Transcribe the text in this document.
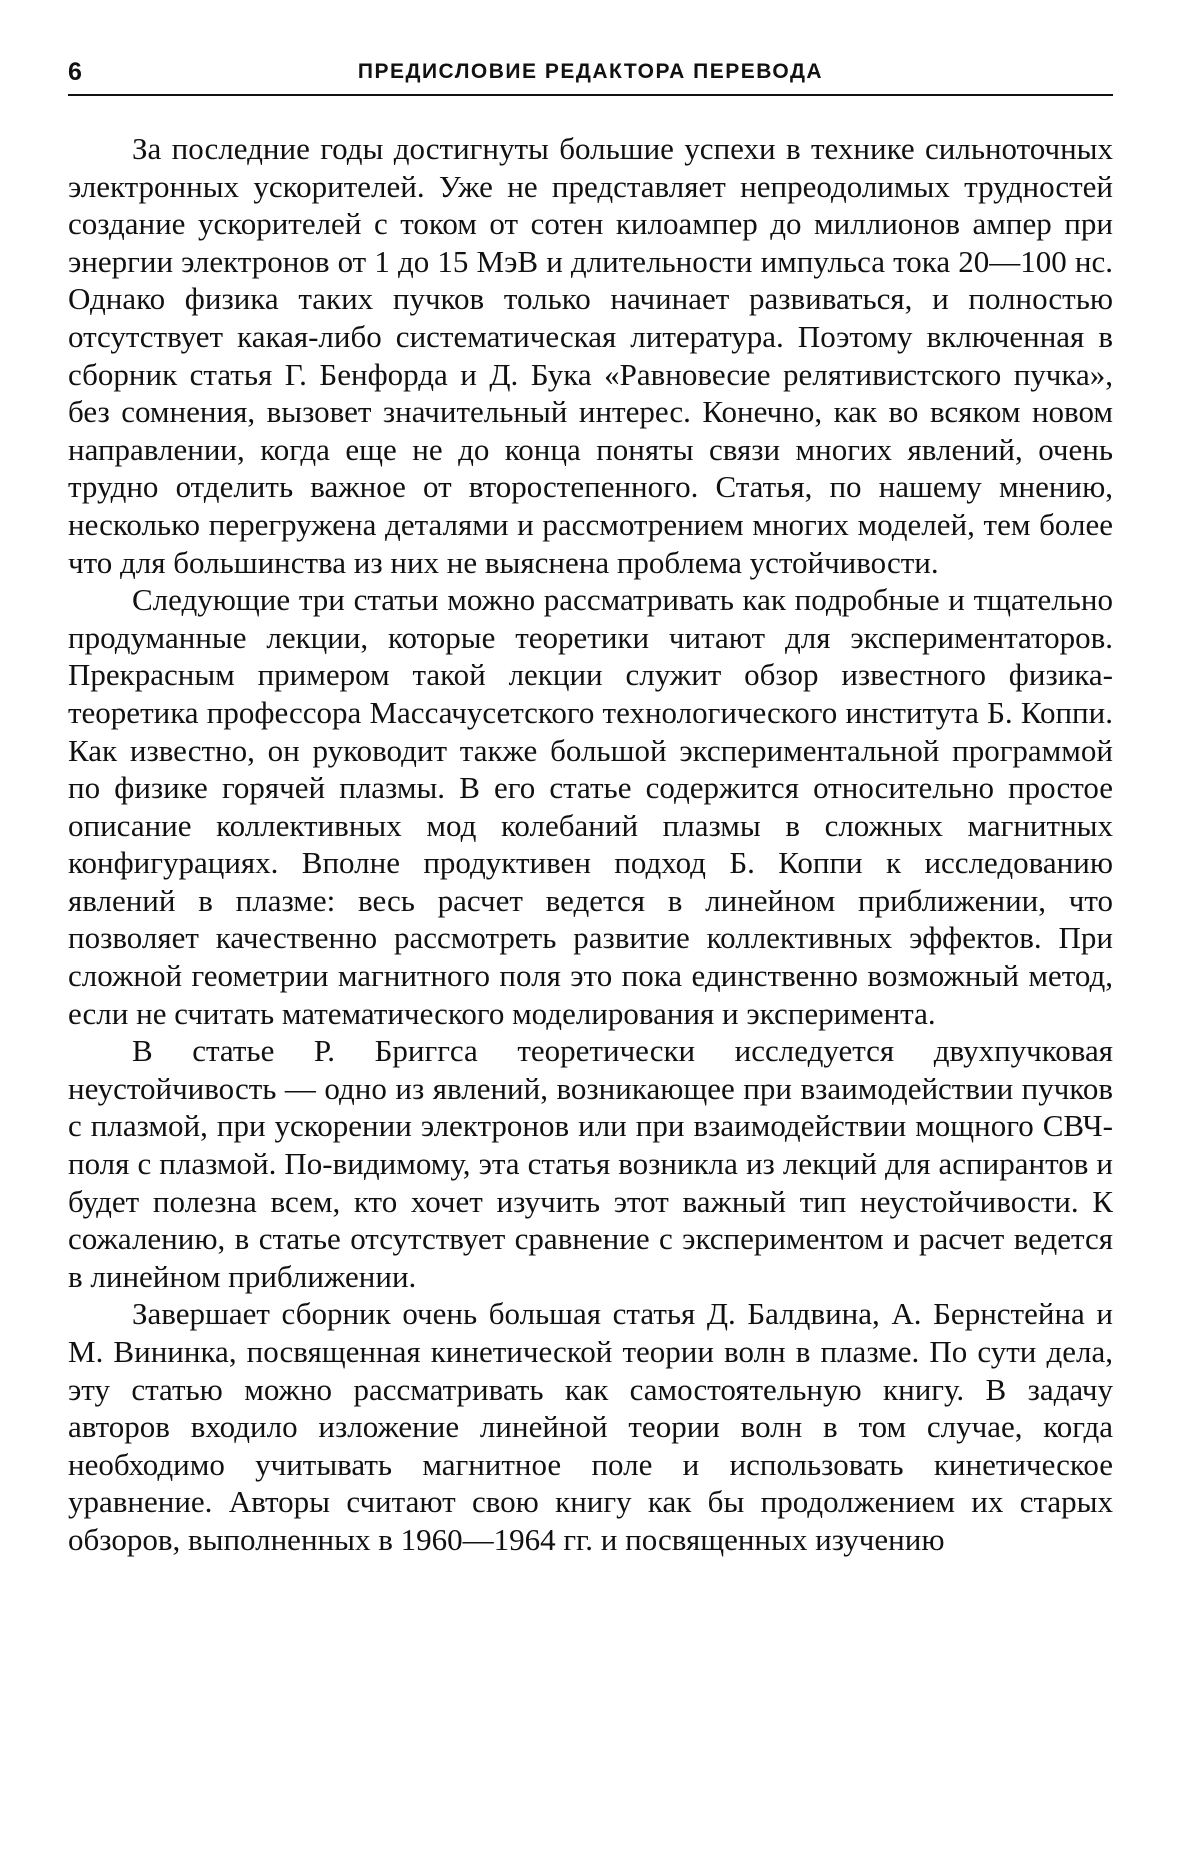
6	ПРЕДИСЛОВИЕ РЕДАКТОРА ПЕРЕВОДА

За последние годы достигнуты большие успехи в технике сильноточных электронных ускорителей. Уже не представляет непреодолимых трудностей создание ускорителей с током от сотен килоампер до миллионов ампер при энергии электронов от 1 до 15 МэВ и длительности импульса тока 20—100 нс. Однако физика таких пучков только начинает развиваться, и полностью отсутствует какая-либо систематическая литература. Поэтому включенная в сборник статья Г. Бенфорда и Д. Бука «Равновесие релятивистского пучка», без сомнения, вызовет значительный интерес. Конечно, как во всяком новом направлении, когда еще не до конца поняты связи многих явлений, очень трудно отделить важное от второстепенного. Статья, по нашему мнению, несколько перегружена деталями и рассмотрением многих моделей, тем более что для большинства из них не выяснена проблема устойчивости.

Следующие три статьи можно рассматривать как подробные и тщательно продуманные лекции, которые теоретики читают для экспериментаторов. Прекрасным примером такой лекции служит обзор известного физика-теоретика профессора Массачусетского технологического института Б. Коппи. Как известно, он руководит также большой экспериментальной программой по физике горячей плазмы. В его статье содержится относительно простое описание коллективных мод колебаний плазмы в сложных магнитных конфигурациях. Вполне продуктивен подход Б. Коппи к исследованию явлений в плазме: весь расчет ведется в линейном приближении, что позволяет качественно рассмотреть развитие коллективных эффектов. При сложной геометрии магнитного поля это пока единственно возможный метод, если не считать математического моделирования и эксперимента.

В статье Р. Бриггса теоретически исследуется двухпучковая неустойчивость — одно из явлений, возникающее при взаимодействии пучков с плазмой, при ускорении электронов или при взаимодействии мощного СВЧ-поля с плазмой. По-видимому, эта статья возникла из лекций для аспирантов и будет полезна всем, кто хочет изучить этот важный тип неустойчивости. К сожалению, в статье отсутствует сравнение с экспериментом и расчет ведется в линейном приближении.

Завершает сборник очень большая статья Д. Балдвина, А. Бернстейна и М. Вининка, посвященная кинетической теории волн в плазме. По сути дела, эту статью можно рассматривать как самостоятельную книгу. В задачу авторов входило изложение линейной теории волн в том случае, когда необходимо учитывать магнитное поле и использовать кинетическое уравнение. Авторы считают свою книгу как бы продолжением их старых обзоров, выполненных в 1960—1964 гг. и посвященных изучению
